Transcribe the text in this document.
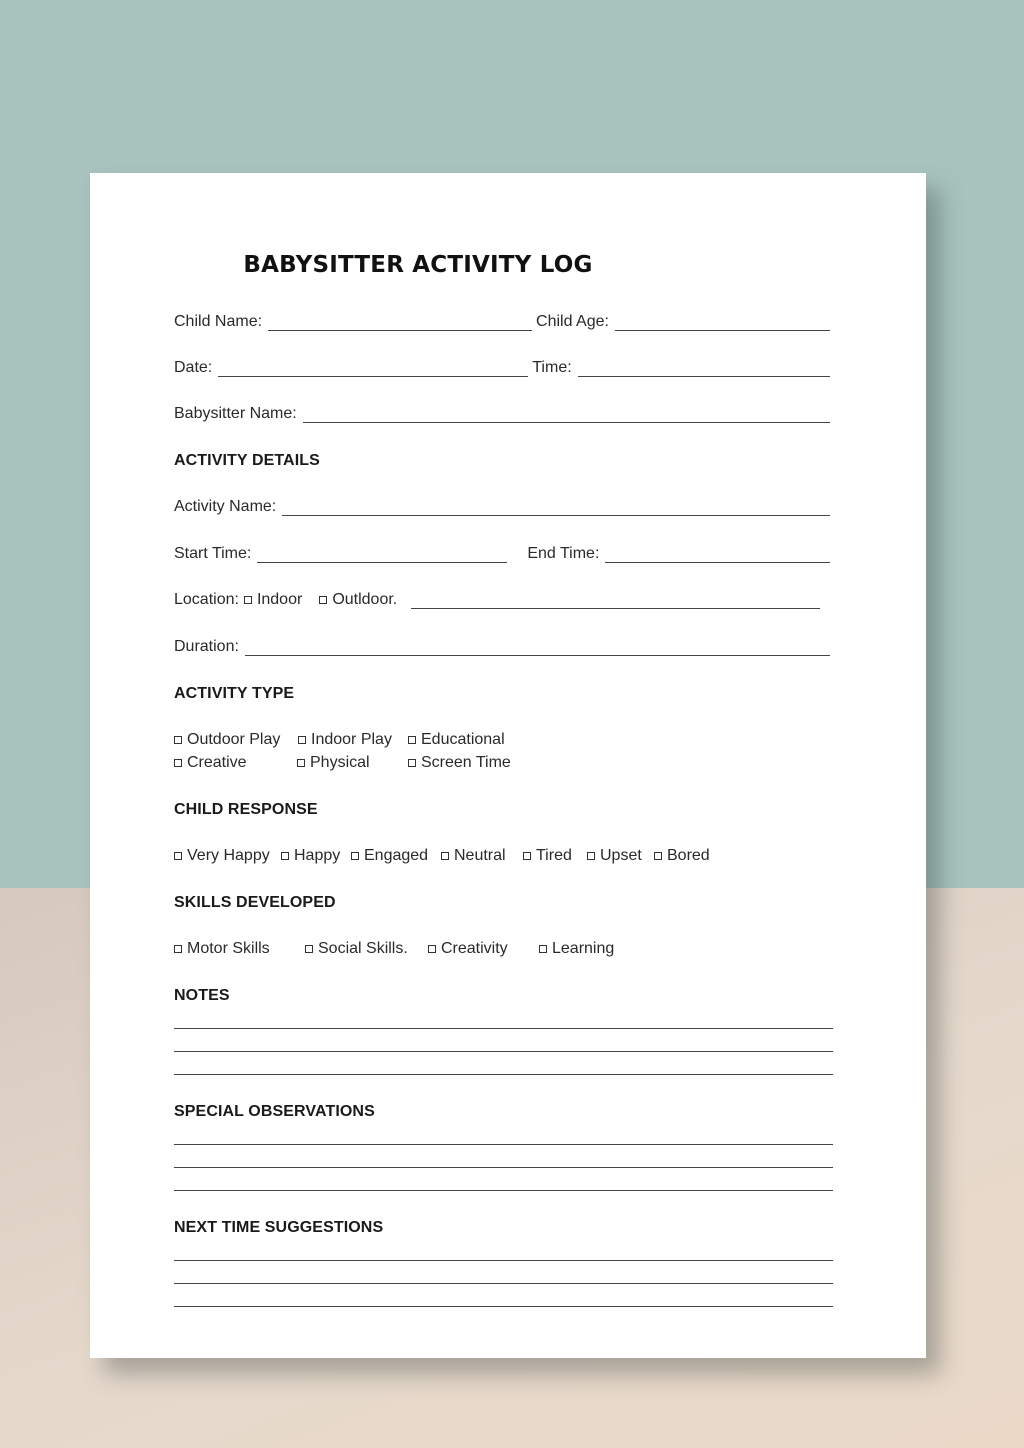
BABYSITTER ACTIVITY LOG
Child Name:	Child Age:
Date:	Time:
Babysitter Name:
ACTIVITY DETAILS
Activity Name:
Start Time:	End Time:
Location: Indoor Outldoor.
Duration:
ACTIVITY TYPE
Outdoor Play Indoor Play Educational
Creative	Physical	Screen Time
CHILD RESPONSE
Very Happy Happy Engaged Neutral Tired Upset Bored
SKILLS DEVELOPED
Motor Skills	Social Skills. Creativity	Learning
NOTES
SPECIAL OBSERVATIONS
NEXT TIME SUGGESTIONS
